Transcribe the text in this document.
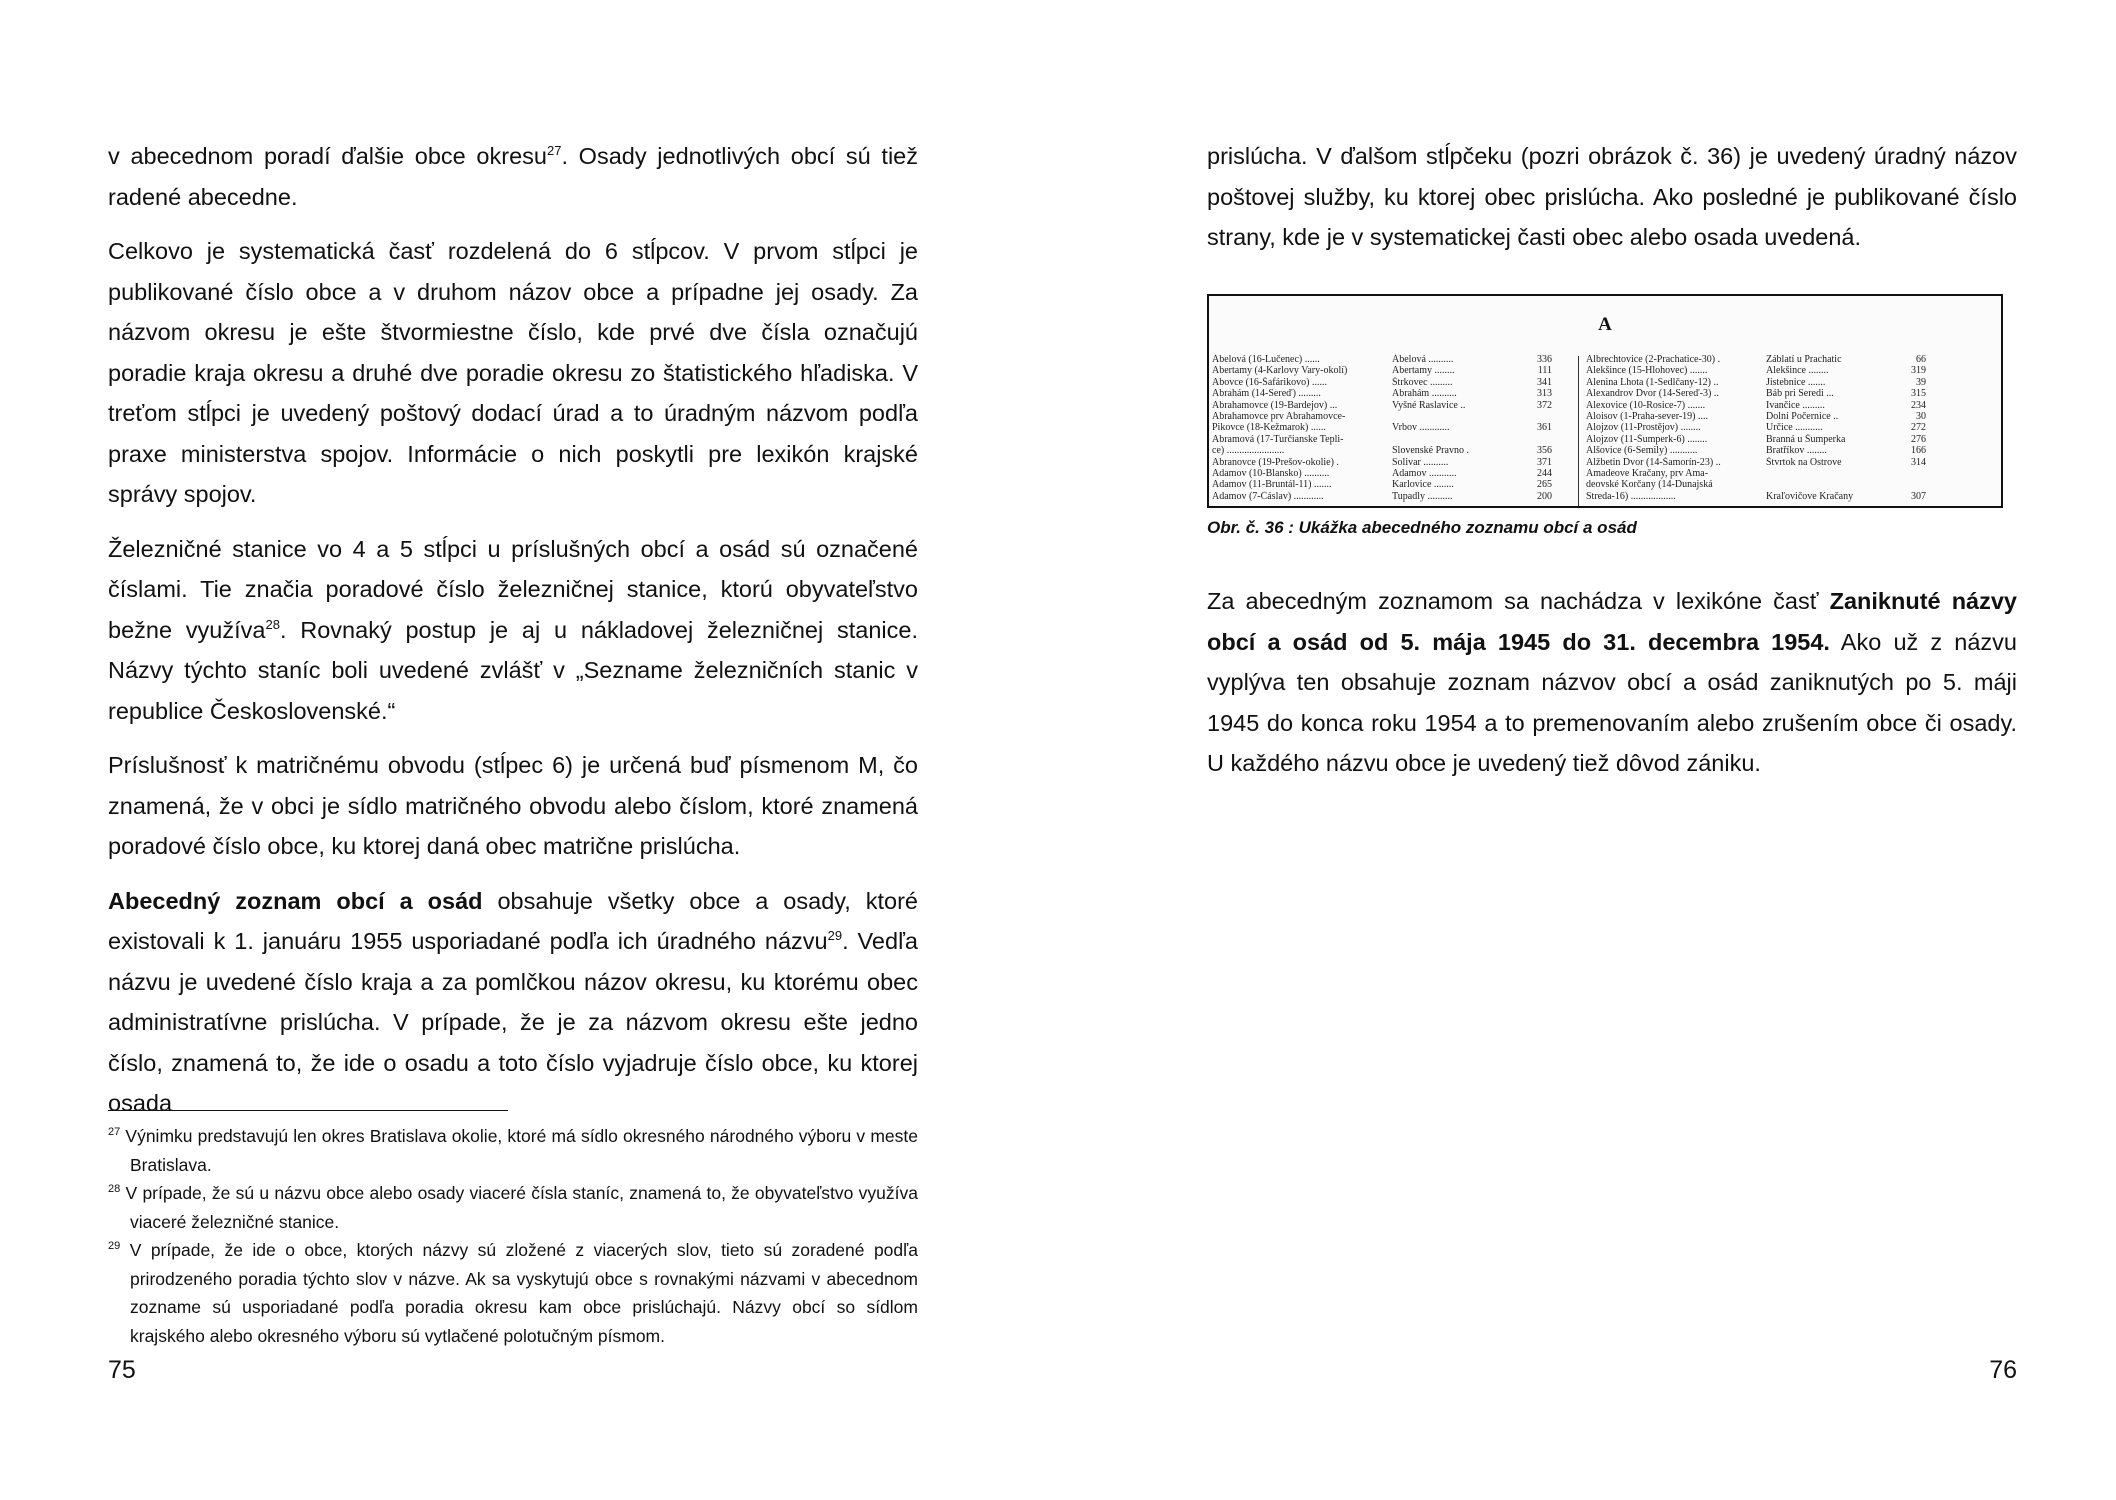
v abecednom poradí ďalšie obce okresu$^{27}$. Osady jednotlivých obcí sú tiež radené abecedne.

Celkovo je systematická časť rozdelená do 6 stĺpcov. V prvom stĺpci je publikované číslo obce a v druhom názov obce a prípadne jej osady. Za názvom okresu je ešte štvormiestne číslo, kde prvé dve čísla označujú poradie kraja okresu a druhé dve poradie okresu zo štatistického hľadiska. V treťom stĺpci je uvedený poštový dodací úrad a to úradným názvom podľa praxe ministerstva spojov. Informácie o nich poskytli pre lexikón krajské správy spojov.

Železničné stanice vo 4 a 5 stĺpci u príslušných obcí a osád sú označené číslami. Tie značia poradové číslo železničnej stanice, ktorú obyvateľstvo bežne využíva$^{28}$. Rovnaký postup je aj u nákladovej železničnej stanice. Názvy týchto staníc boli uvedené zvlášť v „Seznamе železničních stanic v republice Československé.“

Príslušnosť k matričnému obvodu (stĺpec 6) je určená buď písmenom M, čo znamená, že v obci je sídlo matričného obvodu alebo číslom, ktoré znamená poradové číslo obce, ku ktorej daná obec matrične prislúcha.

Abecedný zoznam obcí a osád obsahuje všetky obce a osady, ktoré existovali k 1. januáru 1955 usporiadané podľa ich úradného názvu$^{29}$. Vedľa názvu je uvedené číslo kraja a za pomlčkou názov okresu, ku ktorému obec administratívne prislúcha. V prípade, že je za názvom okresu ešte jedno číslo, znamená to, že ide o osadu a toto číslo vyjadruje číslo obce, ku ktorej osada

$^{27}$ Výnimku predstavujú len okres Bratislava okolie, ktoré má sídlo okresného národného výboru v meste Bratislava.
$^{28}$ V prípade, že sú u názvu obce alebo osady viaceré čísla staníc, znamená to, že obyvateľstvo využíva viaceré železničné stanice.
$^{29}$ V prípade, že ide o obce, ktorých názvy sú zložené z viacerých slov, tieto sú zoradené podľa prirodzeného poradia týchto slov v názve. Ak sa vyskytujú obce s rovnakými názvami v abecednom zozname sú usporiadané podľa poradia okresu kam obce prislúchajú. Názvy obcí so sídlom krajského alebo okresného výboru sú vytlačené polotučným písmom.
75

prislúcha. V ďalšom stĺpčeku (pozri obrázok č. 36) je uvedený úradný názov poštovej služby, ku ktorej obec prislúcha. Ako posledné je publikované číslo strany, kde je v systematickej časti obec alebo osada uvedená.

A
Ábelová (16-Lučenec) ......	Ábelová ..........	336
Abertamy (4-Karlovy Vary-okolí)	Abertamy ........	111
Abovce (16-Šafárikovo) ......	Štrkovec .........	341
Abrahám (14-Sereď) .........	Abrahám ..........	313
Abrahamovce (19-Bardejov) ...	Vyšné Raslavice ..	372
Abrahamovce prv Abrahamovce-
Pikovce (18-Kežmarok) ......	Vrbov ............	361
Abramová (17-Turčianske Tepli-
ce) .......................	Slovenské Pravno .	356
Abranovce (19-Prešov-okolie) .	Solivar ..........	371
Adamov (10-Blansko) ..........	Adamov ...........	244
Adamov (11-Bruntál-11) .......	Karlovice ........	265
Adamov (7-Čáslav) ............	Tupadly ..........	200
Albrechtovice (2-Prachatice-30) .	Záblatí u Prachatic	66
Alekšince (15-Hlohovec) .......	Alekšince ........	319
Alenina Lhota (1-Sedlčany-12) ..	Jistebnice .......	39
Alexandrov Dvor (14-Sereď-3) ..	Báb pri Seredi ...	315
Alexovice (10-Rosice-7) .......	Ivančice .........	234
Aloisov (1-Praha-sever-19) ....	Dolní Počernice ..	30
Alojzov (11-Prostějov) ........	Určice ...........	272
Alojzov (11-Šumperk-6) ........	Branná u Šumperka	276
Alšovice (6-Semily) ...........	Bratříkov ........	166
Alžbetin Dvor (14-Šamorín-23) ..	Štvrtok na Ostrove	314
Amadeove Kračany, prv Ama-
deovské Korčany (14-Dunajská
Streda-16) ..................	Kraľovičove Kračany	307
Obr. č. 36 : Ukážka abecedného zoznamu obcí a osád

Za abecedným zoznamom sa nachádza v lexikóne časť Zaniknuté názvy obcí a osád od 5. mája 1945 do 31. decembra 1954. Ako už z názvu vyplýva ten obsahuje zoznam názvov obcí a osád zaniknutých po 5. máji 1945 do konca roku 1954 a to premenovaním alebo zrušením obce či osady. U každého názvu obce je uvedený tiež dôvod zániku.

76
